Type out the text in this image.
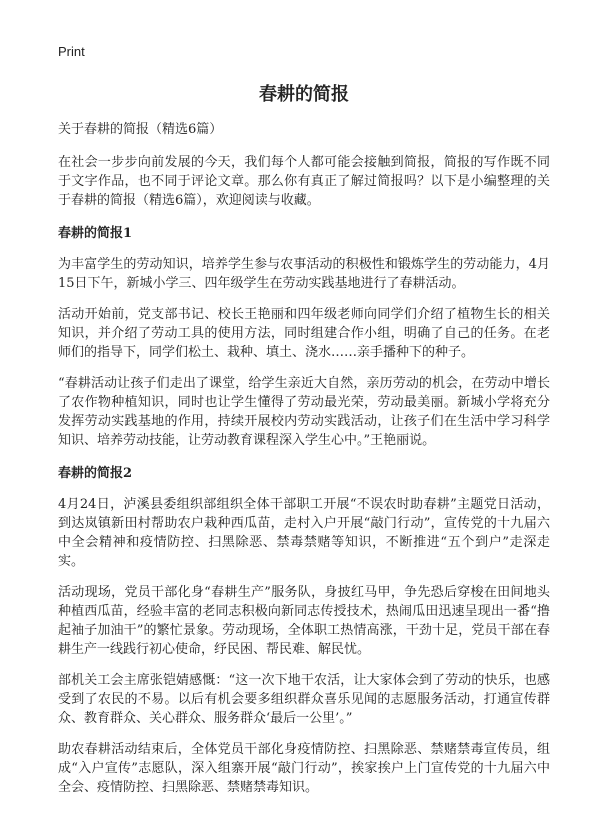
Print
春耕的简报

关于春耕的简报（精选6篇）

在社会一步步向前发展的今天，我们每个人都可能会接触到简报，简报的写作既不同于文字作品，也不同于评论文章。那么你有真正了解过简报吗？以下是小编整理的关于春耕的简报（精选6篇），欢迎阅读与收藏。

春耕的简报1

为丰富学生的劳动知识，培养学生参与农事活动的积极性和锻炼学生的劳动能力，4月15日下午，新城小学三、四年级学生在劳动实践基地进行了春耕活动。

活动开始前，党支部书记、校长王艳丽和四年级老师向同学们介绍了植物生长的相关知识，并介绍了劳动工具的使用方法，同时组建合作小组，明确了自己的任务。在老师们的指导下，同学们松土、栽种、填土、浇水……亲手播种下的种子。

“春耕活动让孩子们走出了课堂，给学生亲近大自然，亲历劳动的机会，在劳动中增长了农作物种植知识，同时也让学生懂得了劳动最光荣，劳动最美丽。新城小学将充分发挥劳动实践基地的作用，持续开展校内劳动实践活动，让孩子们在生活中学习科学知识、培养劳动技能，让劳动教育课程深入学生心中。”王艳丽说。

春耕的简报2

4月24日，泸溪县委组织部组织全体干部职工开展“不误农时助春耕”主题党日活动，到达岚镇新田村帮助农户栽种西瓜苗，走村入户开展“敲门行动”，宣传党的十九届六中全会精神和疫情防控、扫黑除恶、禁毒禁赌等知识，不断推进“五个到户”走深走实。

活动现场，党员干部化身“春耕生产”服务队，身披红马甲，争先恐后穿梭在田间地头种植西瓜苗，经验丰富的老同志积极向新同志传授技术，热闹瓜田迅速呈现出一番“撸起袖子加油干”的繁忙景象。劳动现场，全体职工热情高涨，干劲十足，党员干部在春耕生产一线践行初心使命，纾民困、帮民难、解民忧。

部机关工会主席张铠婧感慨：“这一次下地干农活，让大家体会到了劳动的快乐，也感受到了农民的不易。以后有机会要多组织群众喜乐见闻的志愿服务活动，打通宣传群众、教育群众、关心群众、服务群众‘最后一公里’。”

助农春耕活动结束后，全体党员干部化身疫情防控、扫黑除恶、禁赌禁毒宣传员，组成“入户宣传”志愿队，深入组寨开展“敲门行动”，挨家挨户上门宣传党的十九届六中全会、疫情防控、扫黑除恶、禁赌禁毒知识。
